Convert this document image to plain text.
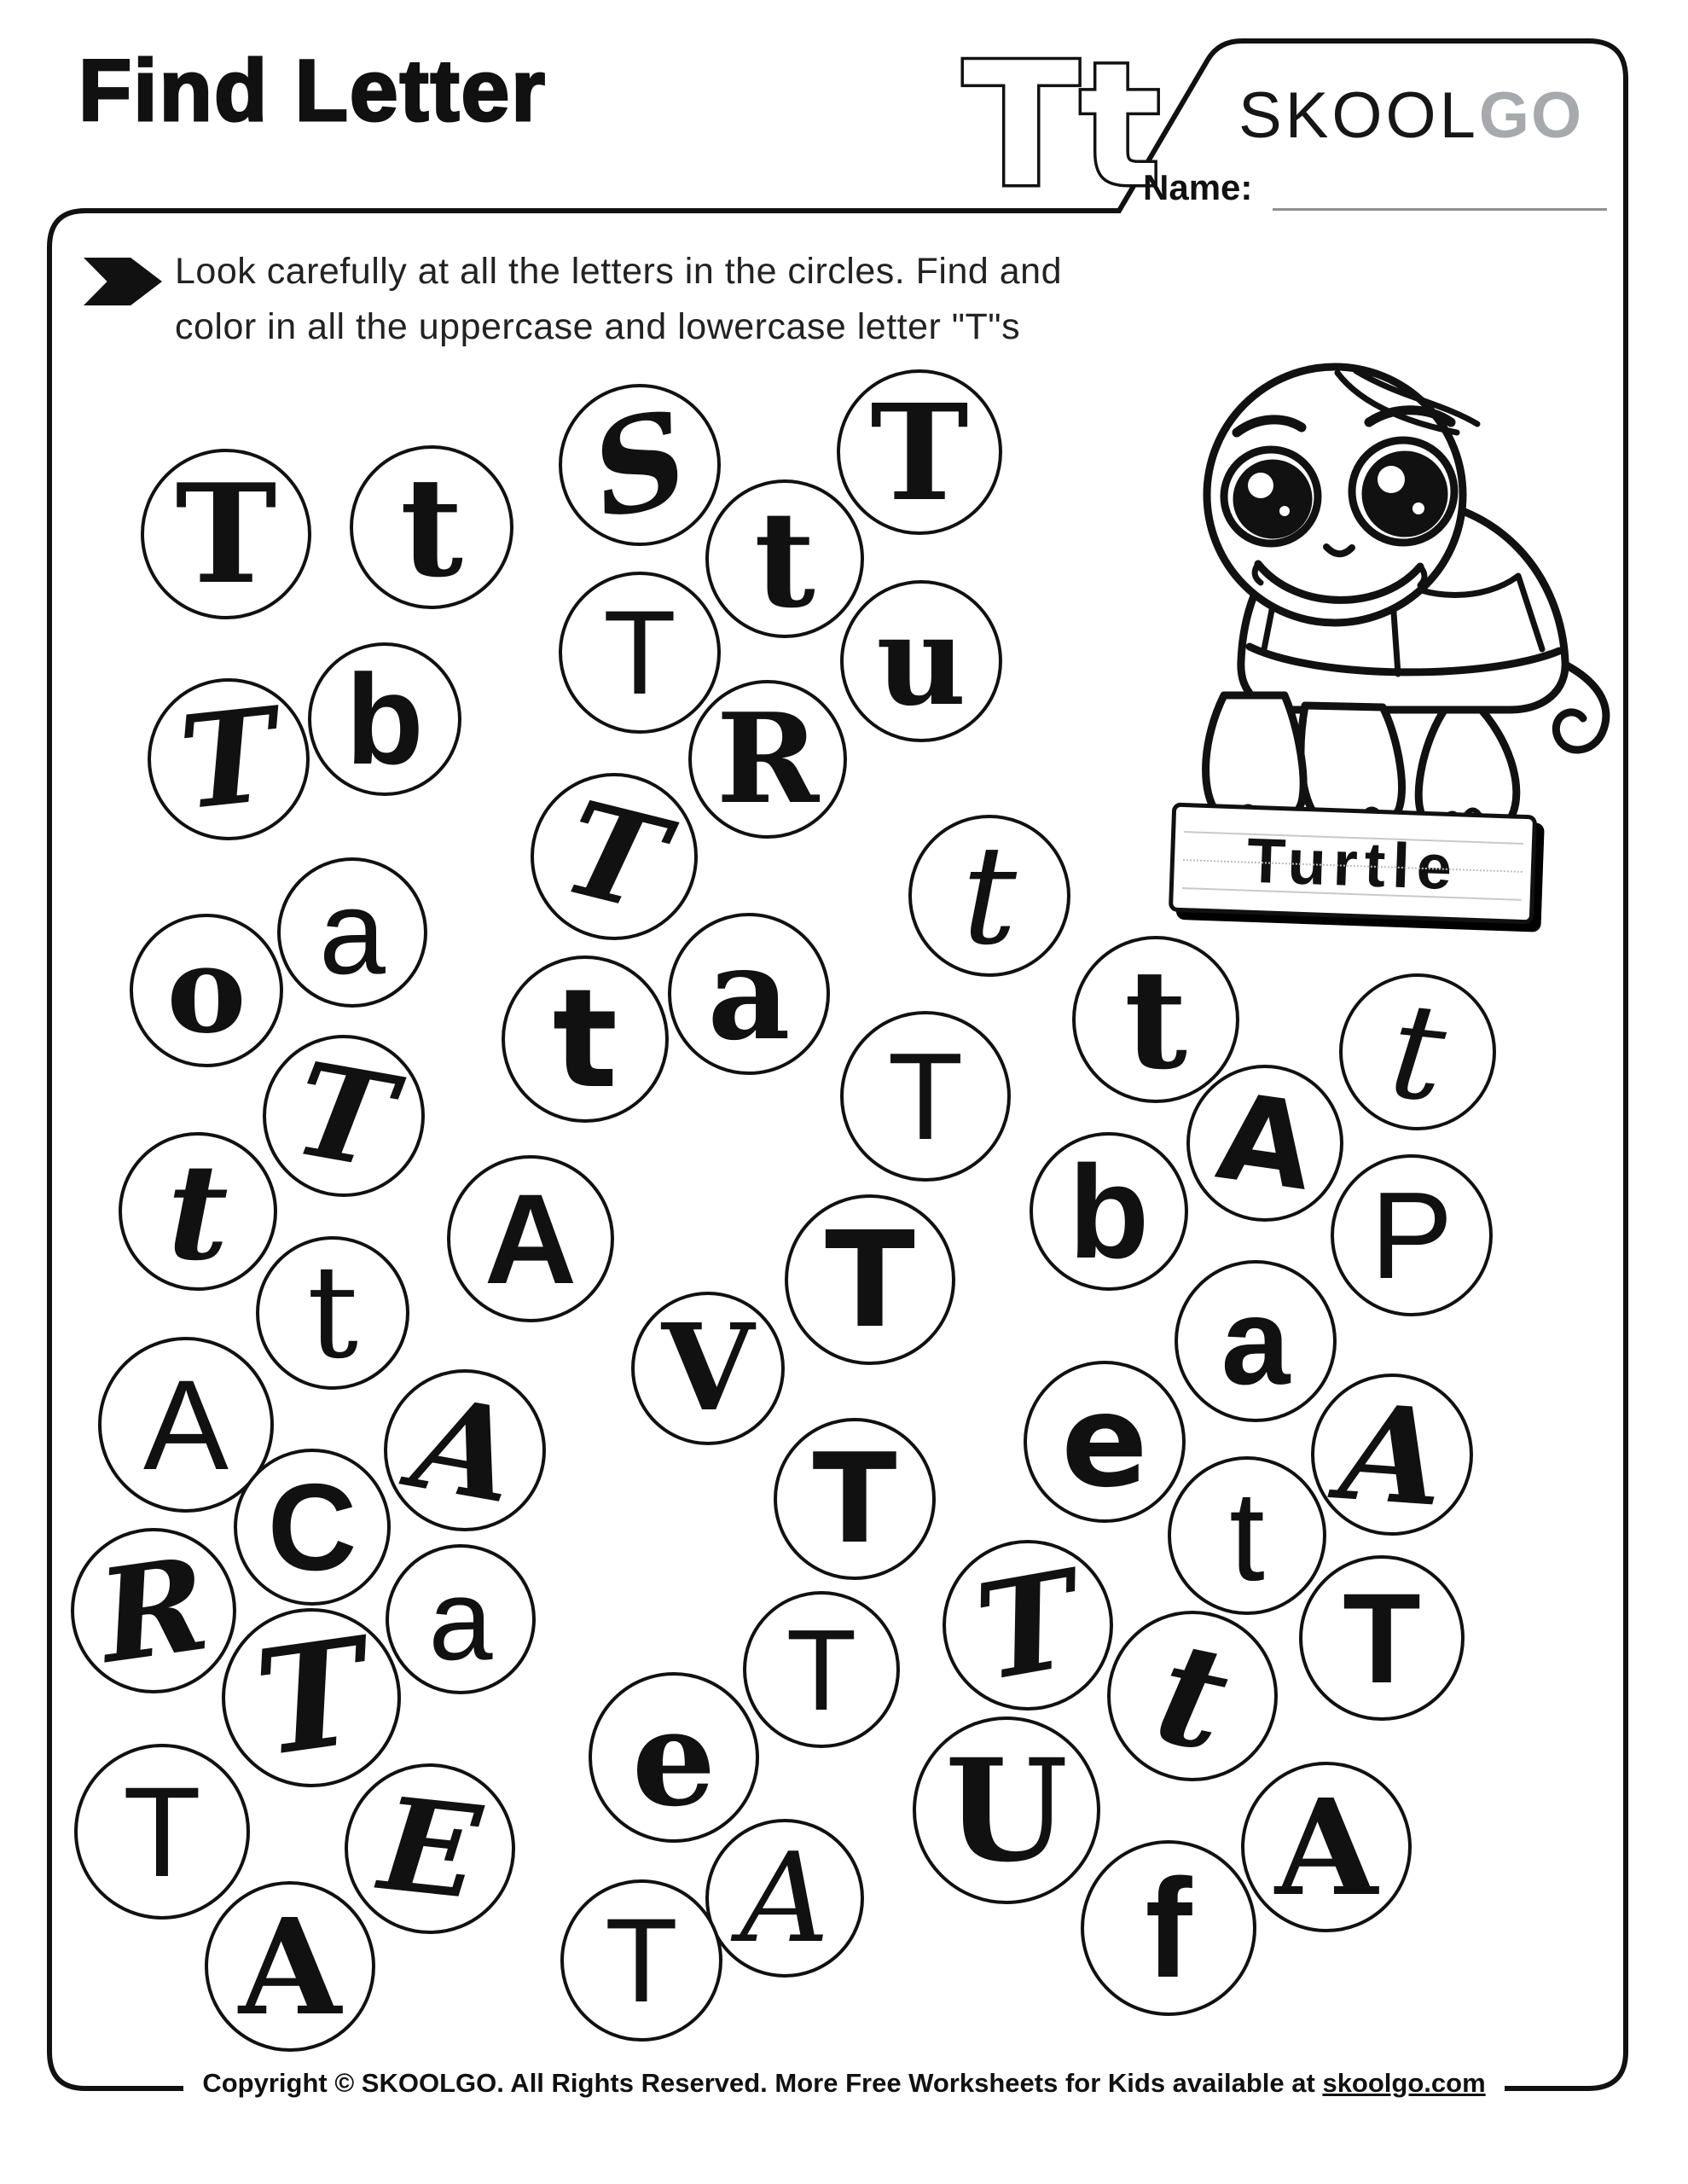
Find Letter Tt SKOOLGO
Name:
Look carefully at all the letters in the circles. Find and
color in all the uppercase and lowercase letter "T"s
Turtle
T t S
t
T
T u
R
T b
a
o
T t
t
T
t
t t
T A
A	b P
t
A
a
T
A V e A
C	t
R a
T
T T
T	T t
e
T E A
U
A T
A
f
a
Copyright © SKOOLGO. All Rights Reserved. More Free Worksheets for Kids available at skoolgo.com
